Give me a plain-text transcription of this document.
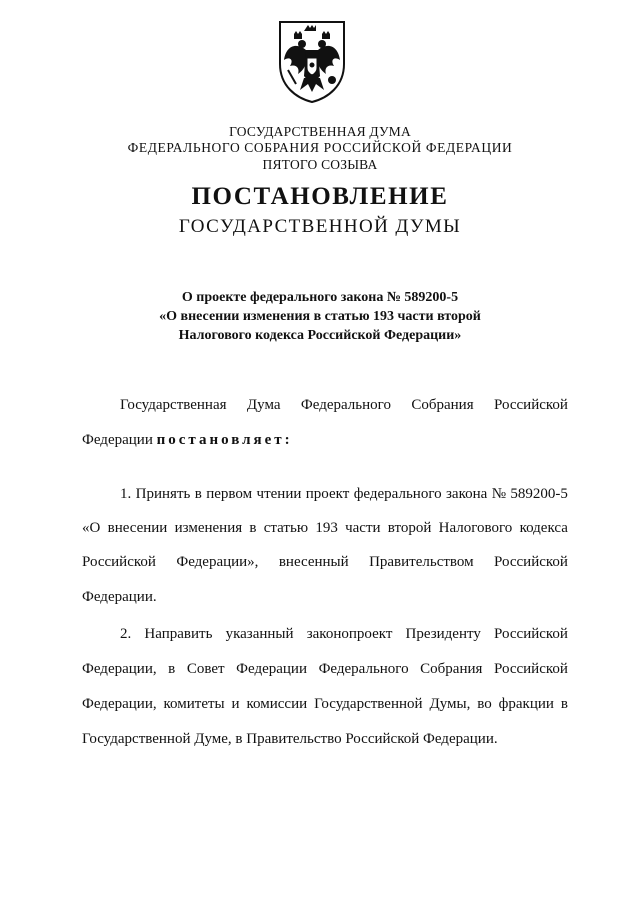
ГОСУДАРСТВЕННАЯ ДУМА
ФЕДЕРАЛЬНОГО СОБРАНИЯ РОССИЙСКОЙ ФЕДЕРАЦИИ
ПЯТОГО СОЗЫВА
ПОСТАНОВЛЕНИЕ
ГОСУДАРСТВЕННОЙ ДУМЫ
О проекте федерального закона № 589200-5
«О внесении изменения в статью 193 части второй
Налогового кодекса Российской Федерации»
Государственная Дума Федерального Собрания Российской
Федерации постановляет:
1. Принять в первом чтении проект федерального закона № 589200-5
«О внесении изменения в статью 193 части второй Налогового кодекса
Российской Федерации», внесенный Правительством Российской
Федерации.
2. Направить указанный законопроект Президенту Российской
Федерации, в Совет Федерации Федерального Собрания Российской
Федерации, комитеты и комиссии Государственной Думы, во фракции в
Государственной Думе, в Правительство Российской Федерации.
